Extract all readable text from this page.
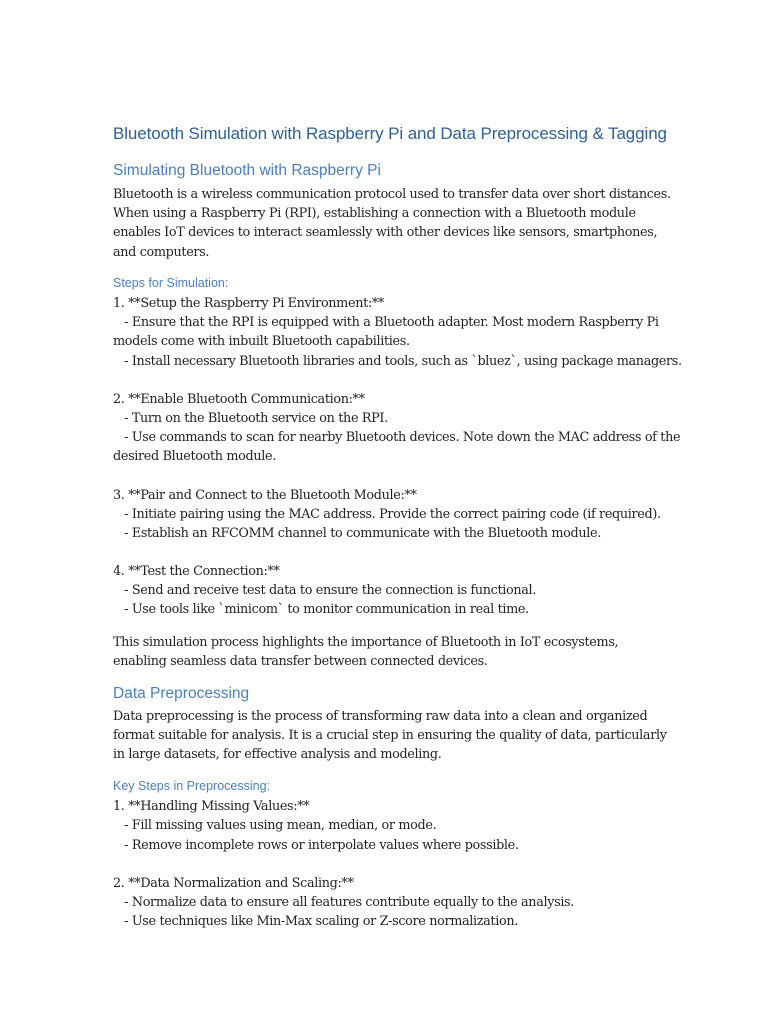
Bluetooth Simulation with Raspberry Pi and Data Preprocessing & Tagging
Simulating Bluetooth with Raspberry Pi

Bluetooth is a wireless communication protocol used to transfer data over short distances. When using a Raspberry Pi (RPI), establishing a connection with a Bluetooth module enables IoT devices to interact seamlessly with other devices like sensors, smartphones, and computers.

Steps for Simulation:
1. **Setup the Raspberry Pi Environment:**
- Ensure that the RPI is equipped with a Bluetooth adapter. Most modern Raspberry Pi
models come with inbuilt Bluetooth capabilities.
- Install necessary Bluetooth libraries and tools, such as `bluez`, using package managers.
2. **Enable Bluetooth Communication:**
- Turn on the Bluetooth service on the RPI.
- Use commands to scan for nearby Bluetooth devices. Note down the MAC address of the
desired Bluetooth module.
3. **Pair and Connect to the Bluetooth Module:**
- Initiate pairing using the MAC address. Provide the correct pairing code (if required).
- Establish an RFCOMM channel to communicate with the Bluetooth module.
4. **Test the Connection:**
- Send and receive test data to ensure the connection is functional.
- Use tools like `minicom` to monitor communication in real time.

This simulation process highlights the importance of Bluetooth in IoT ecosystems, enabling seamless data transfer between connected devices.

Data Preprocessing

Data preprocessing is the process of transforming raw data into a clean and organized format suitable for analysis. It is a crucial step in ensuring the quality of data, particularly in large datasets, for effective analysis and modeling.

Key Steps in Preprocessing:
1. **Handling Missing Values:**
- Fill missing values using mean, median, or mode.
- Remove incomplete rows or interpolate values where possible.
2. **Data Normalization and Scaling:**
- Normalize data to ensure all features contribute equally to the analysis.
- Use techniques like Min-Max scaling or Z-score normalization.
